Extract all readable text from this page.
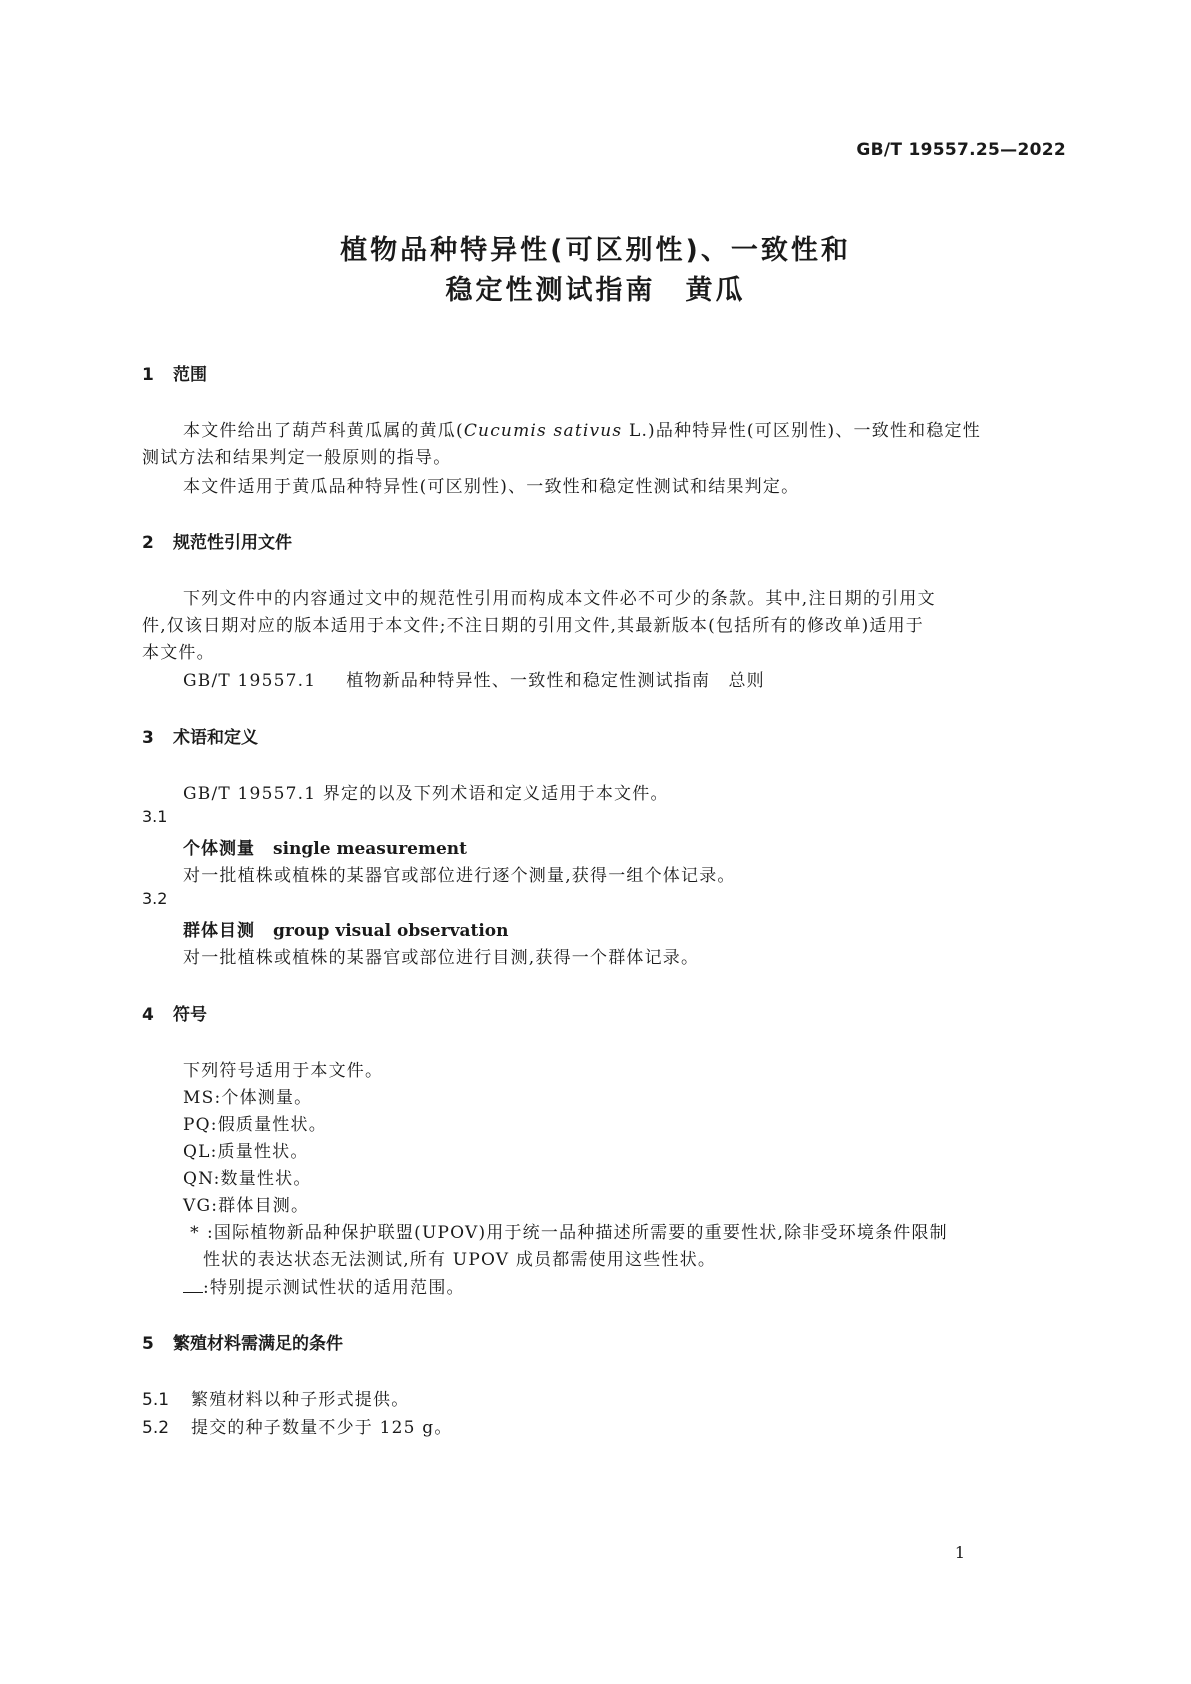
GB/T 19557.25—2022
植物品种特异性(可区别性)、一致性和
稳定性测试指南　黄瓜
1 范围
本文件给出了葫芦科黄瓜属的黄瓜(Cucumis sativus L.)品种特异性(可区别性)、一致性和稳定性
测试方法和结果判定一般原则的指导。
本文件适用于黄瓜品种特异性(可区别性)、一致性和稳定性测试和结果判定。
2 规范性引用文件
下列文件中的内容通过文中的规范性引用而构成本文件必不可少的条款。其中,注日期的引用文
件,仅该日期对应的版本适用于本文件;不注日期的引用文件,其最新版本(包括所有的修改单)适用于
本文件。
GB/T 19557.1 植物新品种特异性、一致性和稳定性测试指南　总则
3 术语和定义
GB/T 19557.1 界定的以及下列术语和定义适用于本文件。
3.1
个体测量 single measurement
对一批植株或植株的某器官或部位进行逐个测量,获得一组个体记录。
3.2
群体目测 group visual observation
对一批植株或植株的某器官或部位进行目测,获得一个群体记录。
4 符号
下列符号适用于本文件。
MS:个体测量。
PQ:假质量性状。
QL:质量性状。
QN:数量性状。
VG:群体目测。
* :国际植物新品种保护联盟(UPOV)用于统一品种描述所需要的重要性状,除非受环境条件限制
性状的表达状态无法测试,所有 UPOV 成员都需使用这些性状。
:特别提示测试性状的适用范围。
5 繁殖材料需满足的条件
5.1 繁殖材料以种子形式提供。
5.2 提交的种子数量不少于 125 g。
1
